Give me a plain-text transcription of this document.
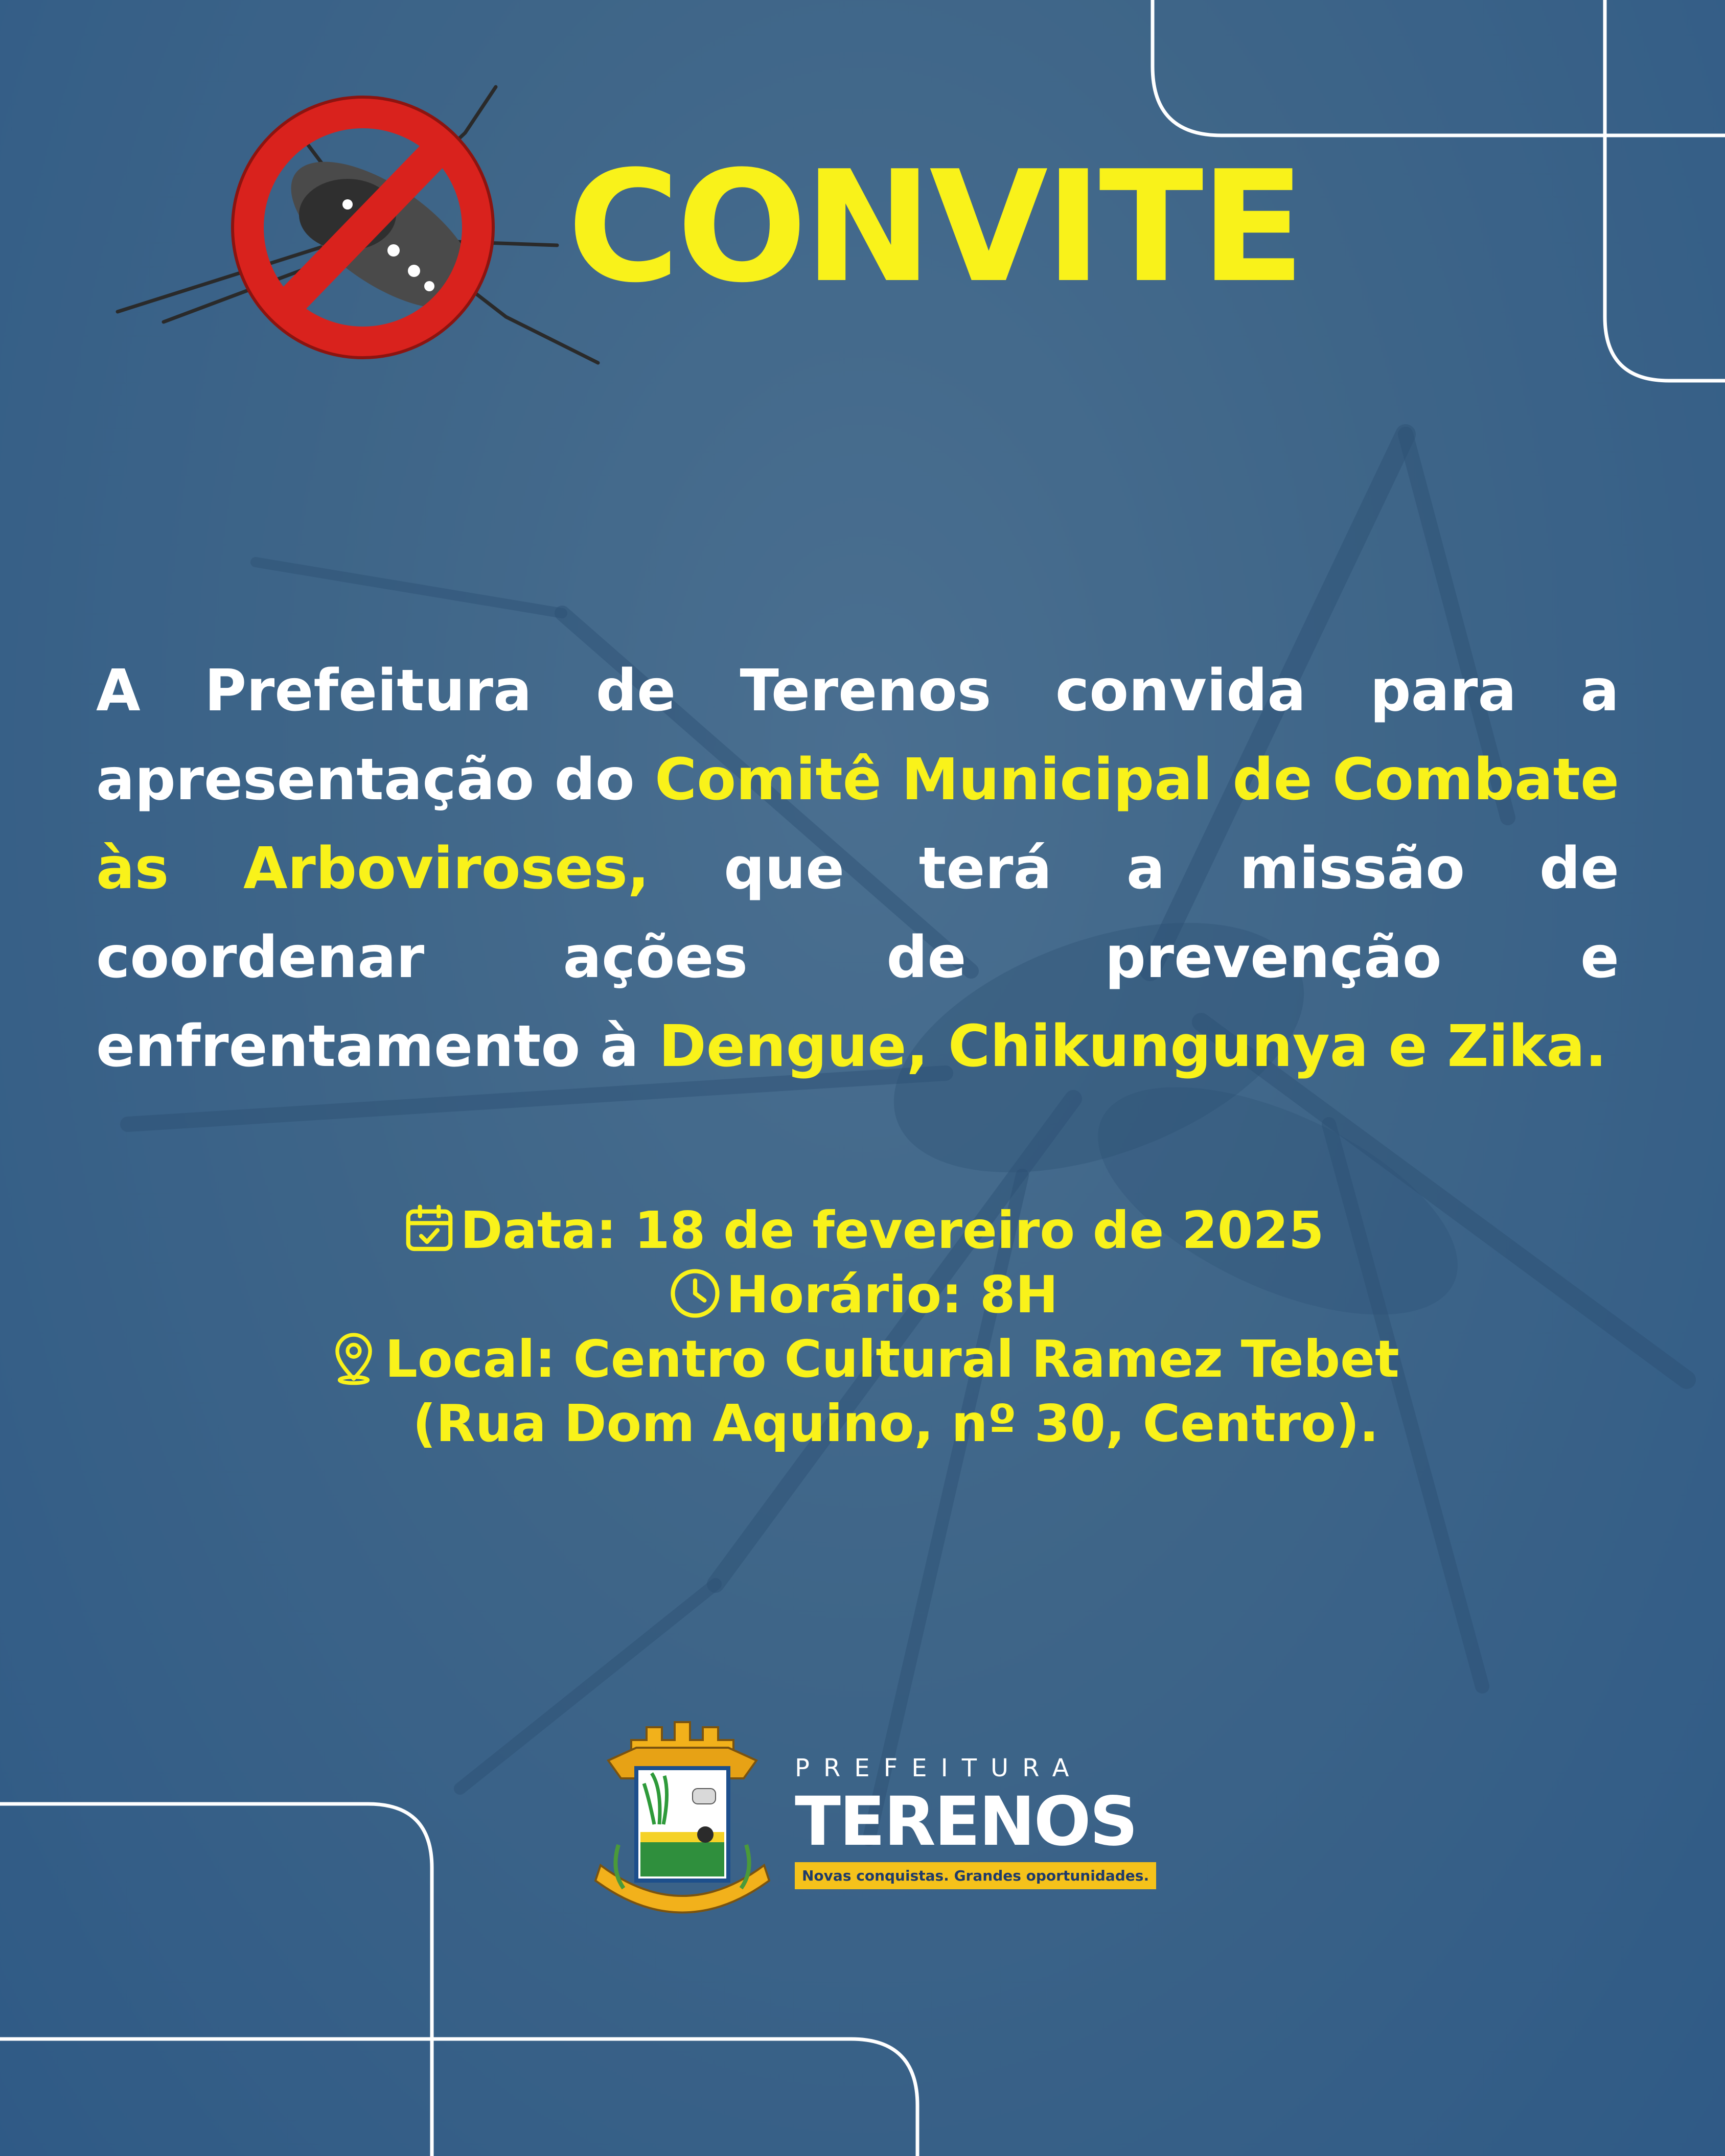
CONVITE

A Prefeitura de Terenos convida para a apresentação do Comitê Municipal de Combate às Arboviroses, que terá a missão de coordenar ações de prevenção e enfrentamento à Dengue, Chikungunya e Zika.

Data: 18 de fevereiro de 2025
Horário: 8H
Local: Centro Cultural Ramez Tebet
(Rua Dom Aquino, nº 30, Centro).
PREFEITURA
TERENOS
Novas conquistas. Grandes oportunidades.
